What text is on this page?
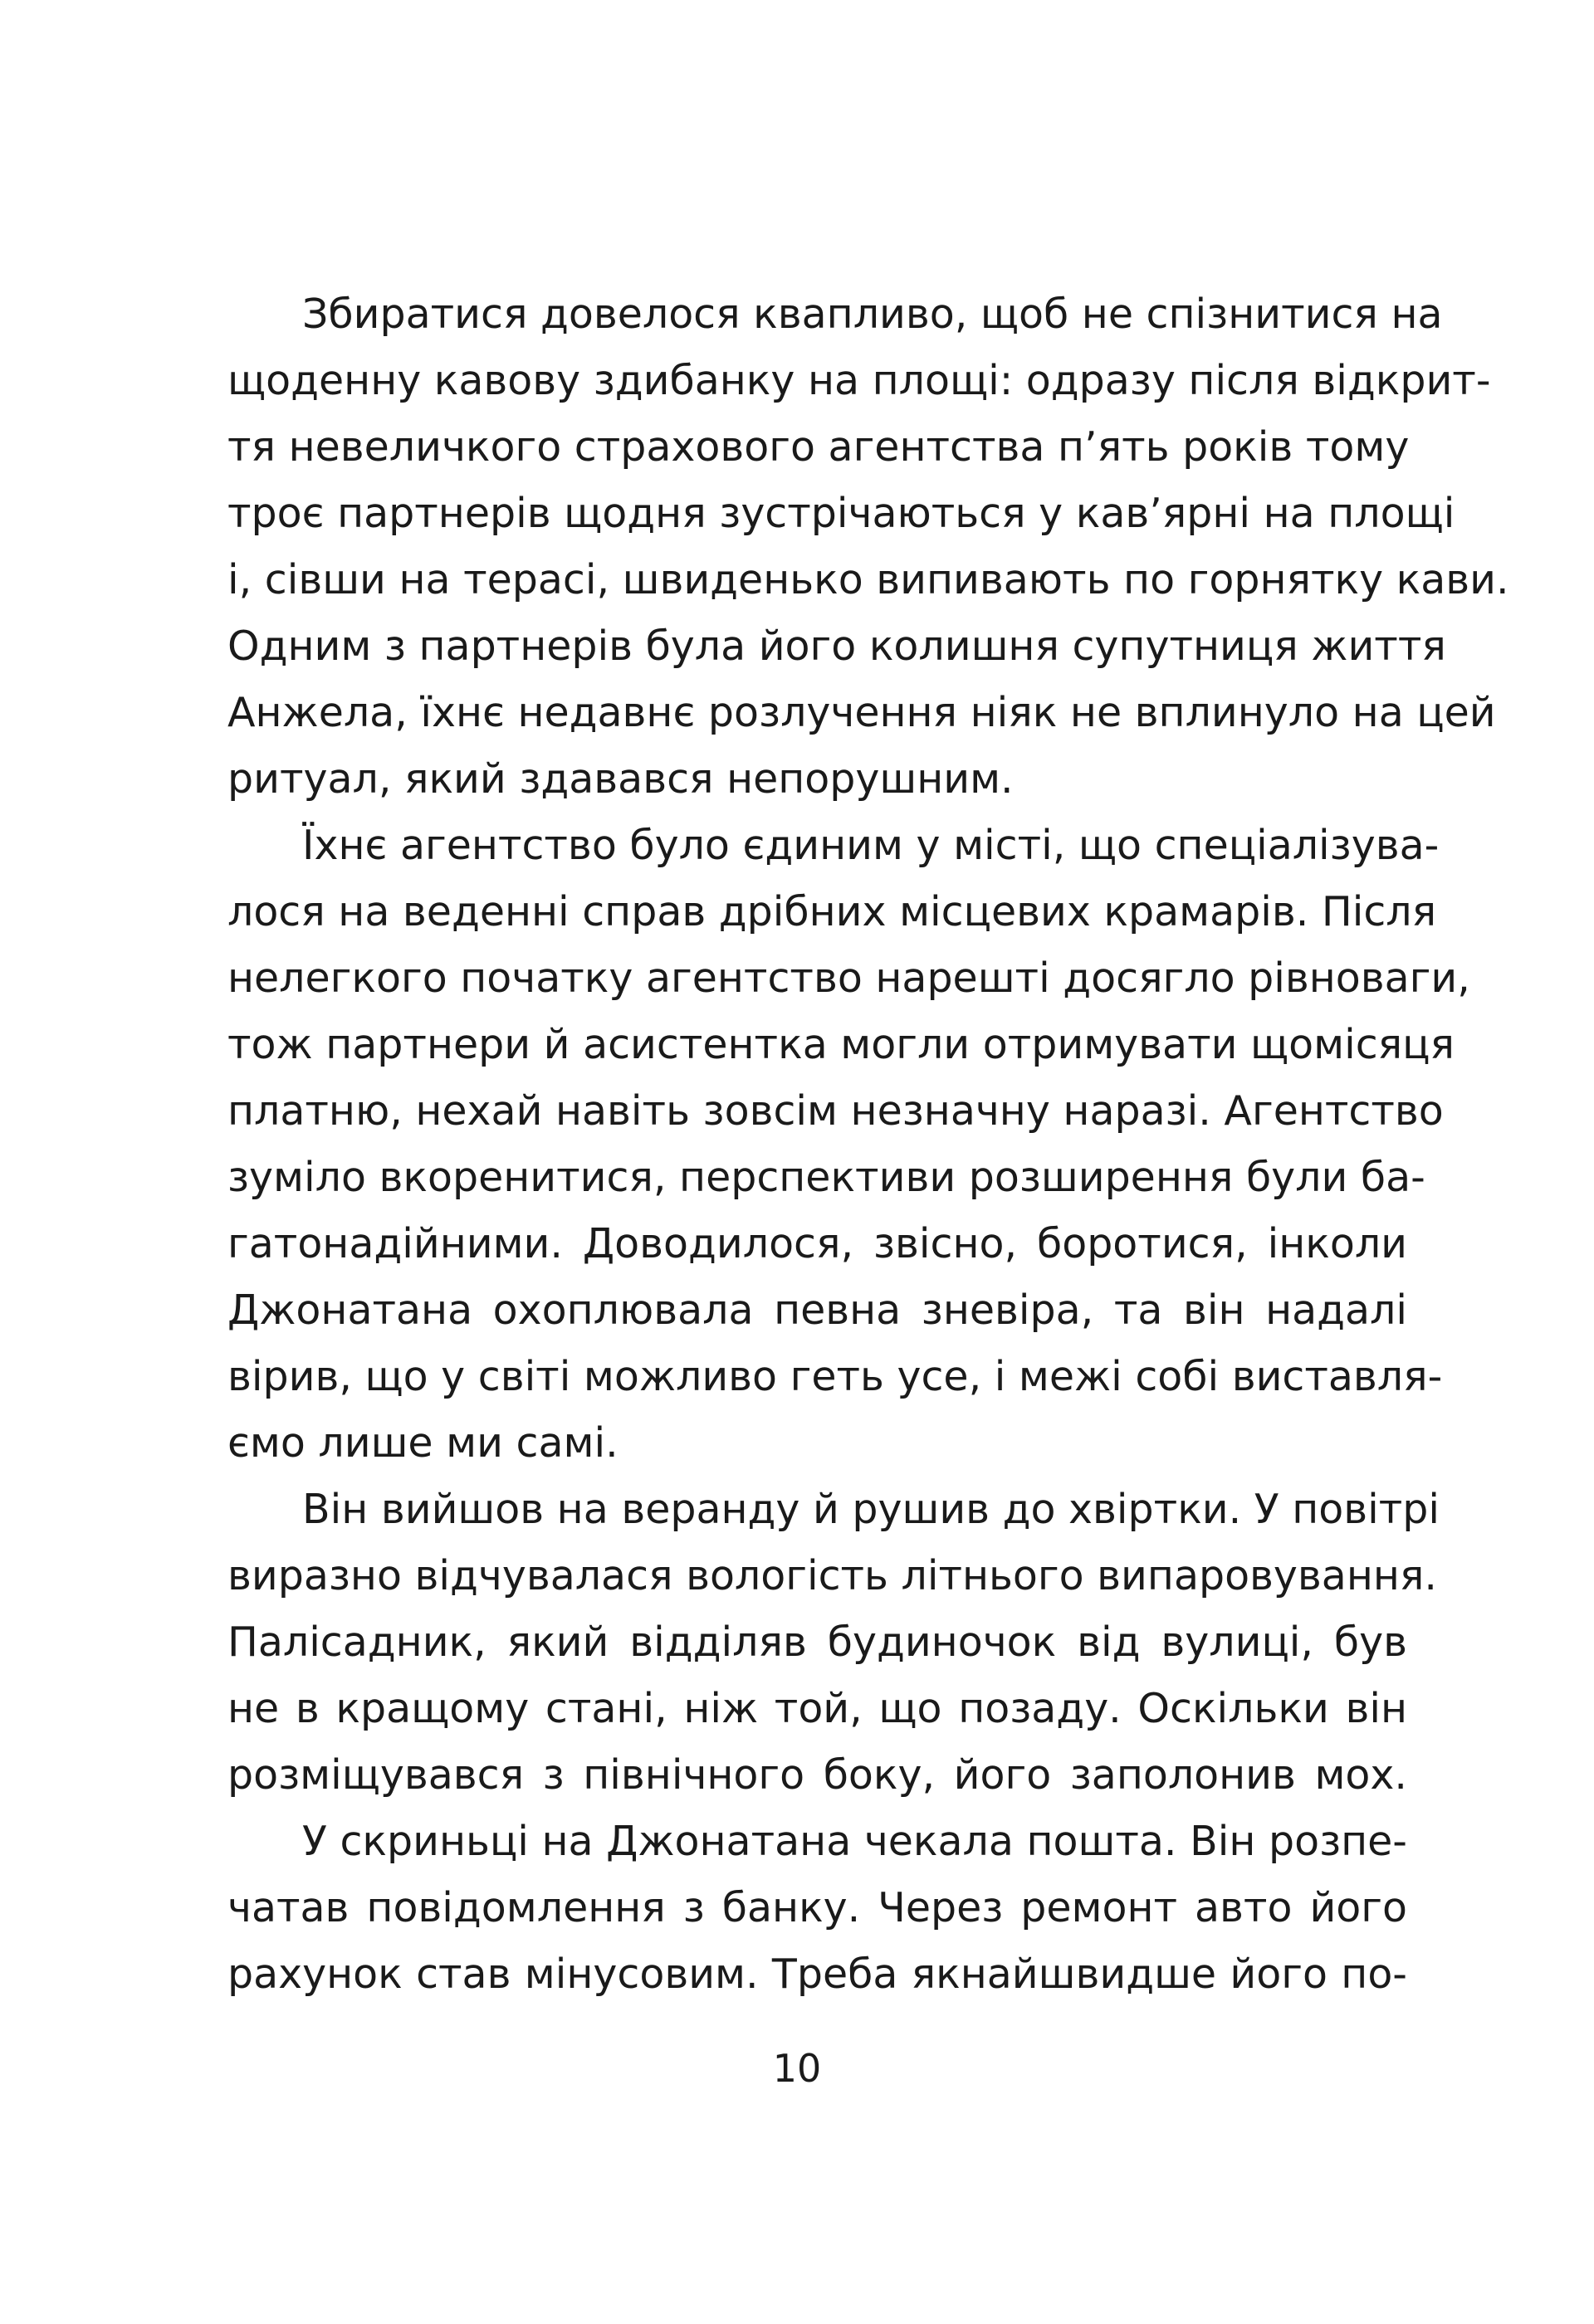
Збиратися довелося квапливо, щоб не спізнитися на
щоденну кавову здибанку на площі: одразу після відкрит-
тя невеличкого страхового агентства п’ять років тому
троє партнерів щодня зустрічаються у кав’ярні на площі
і, сівши на терасі, швиденько випивають по горнятку кави.
Одним з партнерів була його колишня супутниця життя
Анжела, їхнє недавнє розлучення ніяк не вплинуло на цей
ритуал, який здавався непорушним.
Їхнє агентство було єдиним у місті, що спеціалізува-
лося на веденні справ дрібних місцевих крамарів. Після
нелегкого початку агентство нарешті досягло рівноваги,
тож партнери й асистентка могли отримувати щомісяця
платню, нехай навіть зовсім незначну наразі. Агентство
зуміло вкоренитися, перспективи розширення були ба-
гатонадійними. Доводилося, звісно, боротися, інколи
Джонатана охоплювала певна зневіра, та він надалі
вірив, що у світі можливо геть усе, і межі собі виставля-
ємо лише ми самі.
Він вийшов на веранду й рушив до хвіртки. У повітрі
виразно відчувалася вологість літнього випаровування.
Палісадник, який відділяв будиночок від вулиці, був
не в кращому стані, ніж той, що позаду. Оскільки він
розміщувався з північного боку, його заполонив мох.
У скриньці на Джонатана чекала пошта. Він розпе-
чатав повідомлення з банку. Через ремонт авто його
рахунок став мінусовим. Треба якнайшвидше його по-
10
